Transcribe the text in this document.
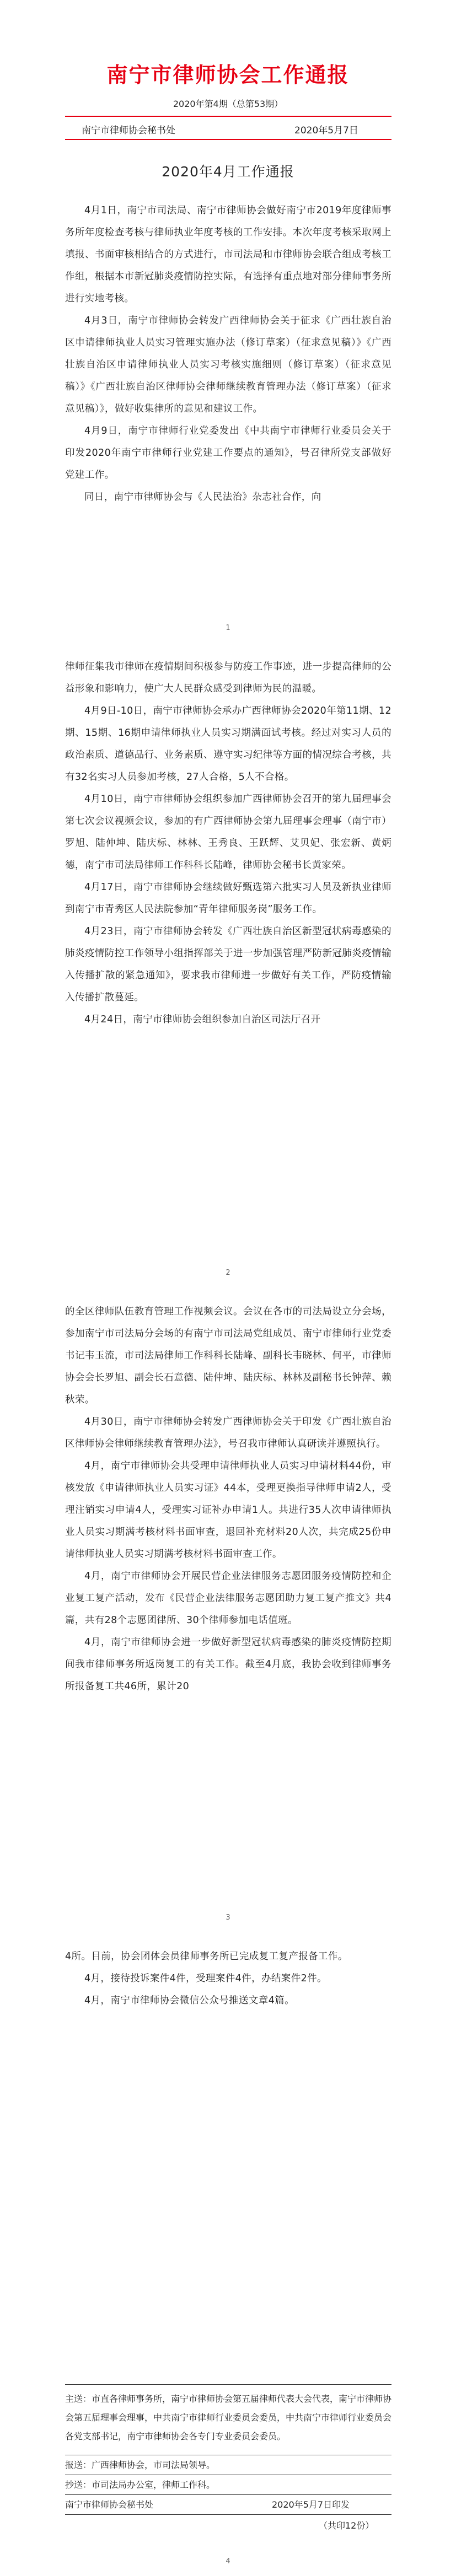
南宁市律师协会工作通报
2020年第4期（总第53期）
南宁市律师协会秘书处	2020年5月7日
2020年4月工作通报

4月1日，南宁市司法局、南宁市律师协会做好南宁市2019年度律师事务所年度检查考核与律师执业年度考核的工作安排。本次年度考核采取网上填报、书面审核相结合的方式进行，市司法局和市律师协会联合组成考核工作组，根据本市新冠肺炎疫情防控实际，有选择有重点地对部分律师事务所进行实地考核。

4月3日，南宁市律师协会转发广西律师协会关于征求《广西壮族自治区申请律师执业人员实习管理实施办法（修订草案）（征求意见稿）》《广西壮族自治区申请律师执业人员实习考核实施细则（修订草案）（征求意见稿）》《广西壮族自治区律师协会律师继续教育管理办法（修订草案）（征求意见稿）》，做好收集律所的意见和建议工作。

4月9日，南宁市律师行业党委发出《中共南宁市律师行业委员会关于印发2020年南宁市律师行业党建工作要点的通知》，号召律所党支部做好党建工作。

同日，南宁市律师协会与《人民法治》杂志社合作，向

1

律师征集我市律师在疫情期间积极参与防疫工作事迹，进一步提高律师的公益形象和影响力，使广大人民群众感受到律师为民的温暖。

4月9日-10日，南宁市律师协会承办广西律师协会2020年第11期、12期、15期、16期申请律师执业人员实习期满面试考核。经过对实习人员的政治素质、道德品行、业务素质、遵守实习纪律等方面的情况综合考核，共有32名实习人员参加考核，27人合格，5人不合格。

4月10日，南宁市律师协会组织参加广西律师协会召开的第九届理事会第七次会议视频会议，参加的有广西律师协会第九届理事会理事（南宁市）罗旭、陆仲坤、陆庆标、林林、王秀良、王跃辉、艾贝妃、张宏新、黄炳德，南宁市司法局律师工作科科长陆峰，律师协会秘书长黄家荣。

4月17日，南宁市律师协会继续做好甄选第六批实习人员及新执业律师到南宁市青秀区人民法院参加“青年律师服务岗”服务工作。

4月23日，南宁市律师协会转发《广西壮族自治区新型冠状病毒感染的肺炎疫情防控工作领导小组指挥部关于进一步加强管理严防新冠肺炎疫情输入传播扩散的紧急通知》，要求我市律师进一步做好有关工作，严防疫情输入传播扩散蔓延。

4月24日，南宁市律师协会组织参加自治区司法厅召开

2

的全区律师队伍教育管理工作视频会议。会议在各市的司法局设立分会场，参加南宁市司法局分会场的有南宁市司法局党组成员、南宁市律师行业党委书记韦玉流，市司法局律师工作科科长陆峰、副科长韦晓林、何平，市律师协会会长罗旭、副会长石意德、陆仲坤、陆庆标、林林及副秘书长钟萍、赖秋荣。

4月30日，南宁市律师协会转发广西律师协会关于印发《广西壮族自治区律师协会律师继续教育管理办法》，号召我市律师认真研读并遵照执行。

4月，南宁市律师协会共受理申请律师执业人员实习申请材料44份，审核发放《申请律师执业人员实习证》44本，受理更换指导律师申请2人，受理注销实习申请4人，受理实习证补办申请1人。共进行35人次申请律师执业人员实习期满考核材料书面审查，退回补充材料20人次，共完成25份申请律师执业人员实习期满考核材料书面审查工作。

4月，南宁市律师协会开展民营企业法律服务志愿团服务疫情防控和企业复工复产活动，发布《民营企业法律服务志愿团助力复工复产推文》共4篇，共有28个志愿团律所、30个律师参加电话值班。

4月，南宁市律师协会进一步做好新型冠状病毒感染的肺炎疫情防控期间我市律师事务所返岗复工的有关工作。截至4月底，我协会收到律师事务所报备复工共46所，累计20

3

4所。目前，协会团体会员律师事务所已完成复工复产报备工作。

4月，接待投诉案件4件，受理案件4件，办结案件2件。

4月，南宁市律师协会微信公众号推送文章4篇。

主送：市直各律师事务所，南宁市律师协会第五届律师代表大会代表，南宁市律师协会第五届理事会理事，中共南宁市律师行业委员会委员，中共南宁市律师行业委员会各党支部书记，南宁市律师协会各专门专业委员会委员。

报送：广西律师协会，市司法局领导。

抄送：市司法局办公室，律师工作科。

南宁市律师协会秘书处	2020年5月7日印发
（共印12份）
4
